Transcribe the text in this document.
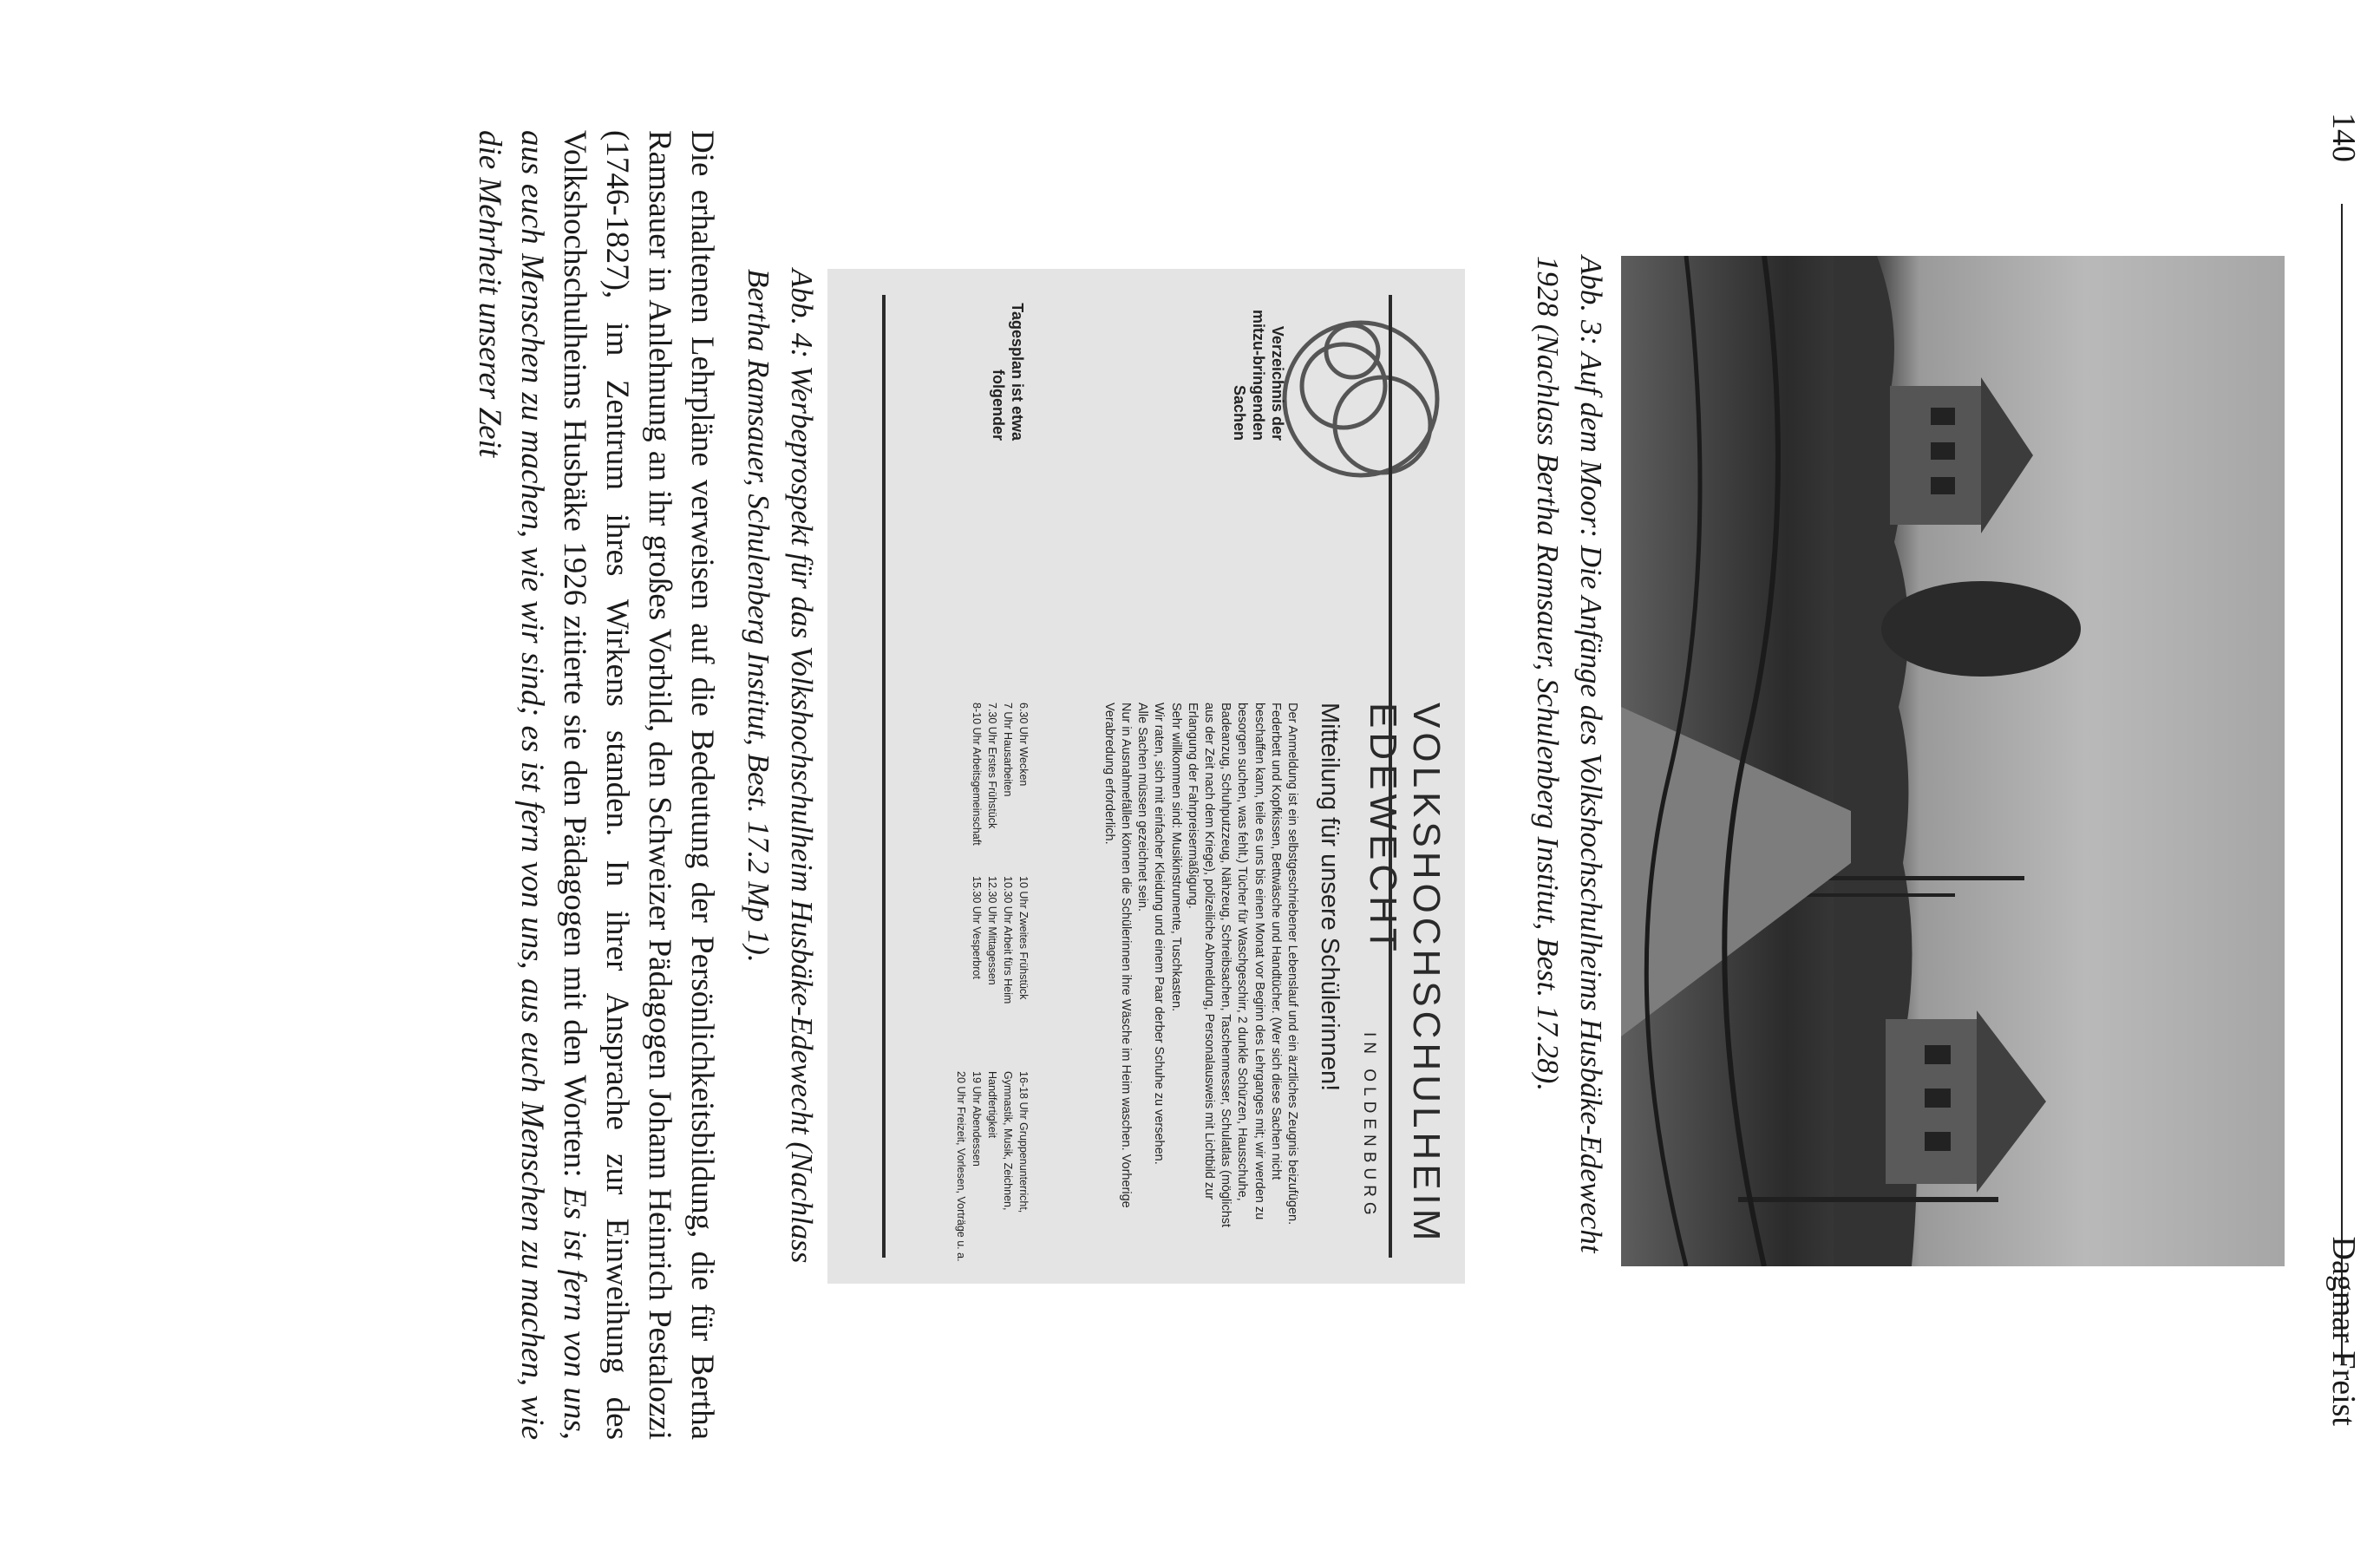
140
Dagmar Freist
Abb. 3: Auf dem Moor: Die Anfänge des Volkshochschulheims Husbäke-Edewecht 1928 (Nachlass Bertha Ramsauer, Schulenberg Institut, Best. 17.28).
VOLKSHOCHSCHULHEIM EDEWECHT
IN OLDENBURG
Mitteilung für unsere Schülerinnen!
Verzeichnis der mitzu-bringenden Sachen

Der Anmeldung ist ein selbstgeschriebener Lebenslauf und ein ärztliches Zeugnis beizufügen.

Federbett und Kopfkissen, Bettwäsche und Handtücher. (Wer sich diese Sachen nicht beschaffen kann, teile es uns bis einen Monat vor Beginn des Lehrganges mit; wir werden zu besorgen suchen, was fehlt.) Tücher für Waschgeschirr, 2 dunkle Schürzen, Hausschuhe, Badeanzug, Schuhputzzeug, Nähzeug, Schreibsachen, Taschenmesser, Schulatlas (möglichst aus der Zeit nach dem Kriege), polizeiliche Abmeldung, Personalausweis mit Lichtbild zur Erlangung der Fahrpreisermäßigung.

Sehr willkommen sind: Musikinstrumente, Tuschkasten.

Wir raten, sich mit einfacher Kleidung und einem Paar derber Schuhe zu versehen.

Alle Sachen müssen gezeichnet sein.

Nur in Ausnahmefällen können die Schülerinnen ihre Wäsche im Heim waschen. Vorherige Verabredung erforderlich.

Tagesplan ist etwa folgender
6.30 Uhr Wecken
7 Uhr Hausarbeiten
7.30 Uhr Erstes Frühstück
8-10 Uhr Arbeitsgemeinschaft
10 Uhr Zweites Frühstück
10.30 Uhr Arbeit fürs Heim
12.30 Uhr Mittagessen
15.30 Uhr Vesperbrot
16-18 Uhr Gruppenunterricht, Gymnastik, Musik, Zeichnen, Handfertigkeit
19 Uhr Abendessen
20 Uhr Freizeit, Vorlesen, Vorträge u. a.
Abb. 4: Werbeprospekt für das Volkshochschulheim Husbäke-Edewecht (Nachlass Bertha Ramsauer, Schulenberg Institut, Best. 17.2 Mp 1).

Die erhaltenen Lehrpläne verweisen auf die Bedeutung der Persönlichkeitsbildung, die für Bertha Ramsauer in Anlehnung an ihr großes Vorbild, den Schweizer Pädagogen Johann Heinrich Pestalozzi (1746-1827), im Zentrum ihres Wirkens standen. In ihrer Ansprache zur Einweihung des Volkshochschulheims Husbäke 1926 zitierte sie den Pädagogen mit den Worten: Es ist fern von uns, aus euch Menschen zu machen, wie wir sind; es ist fern von uns, aus euch Menschen zu machen, wie die Mehrheit unserer Zeit
